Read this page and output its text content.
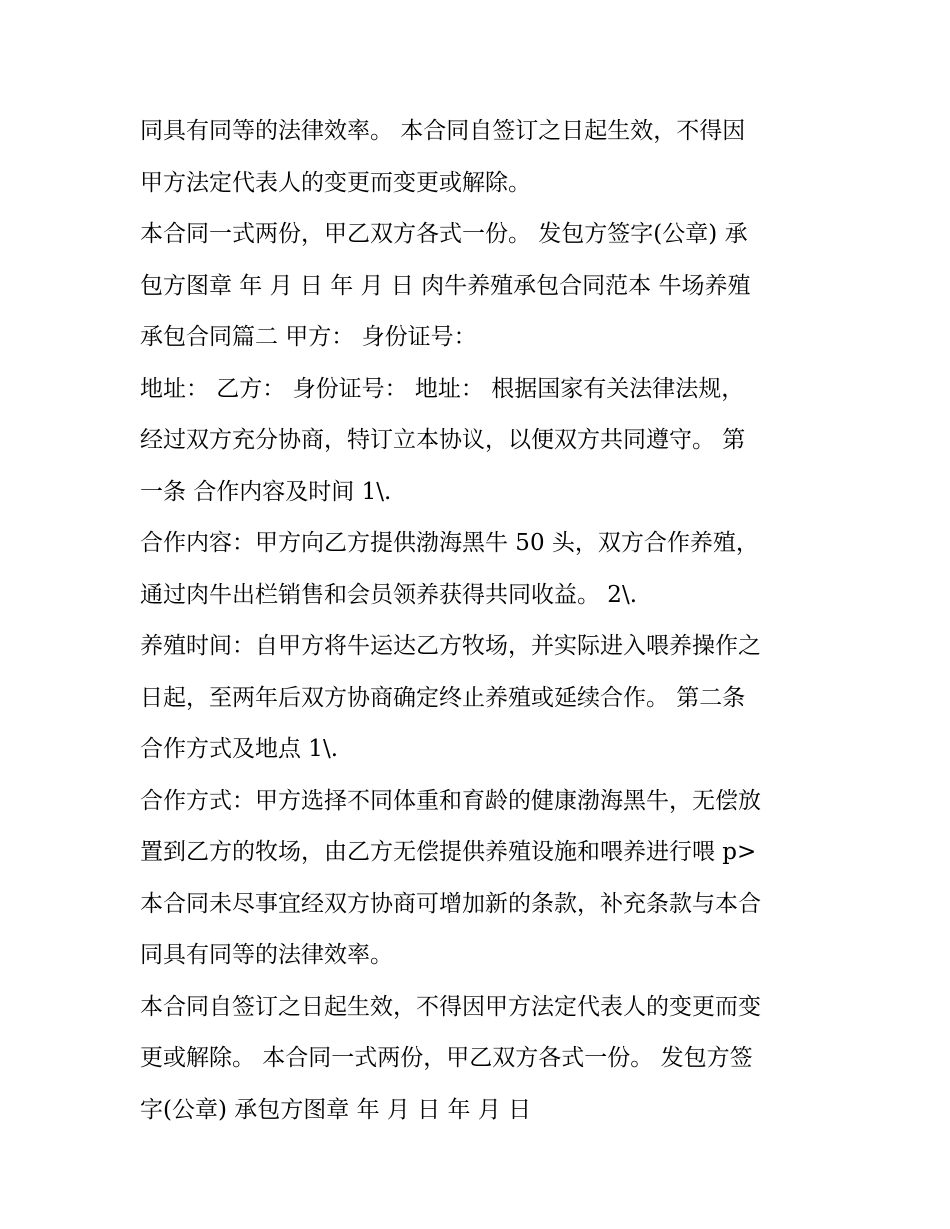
同具有同等的法律效率。 本合同自签订之日起生效，不得因
甲方法定代表人的变更而变更或解除。
本合同一式两份，甲乙双方各式一份。 发包方签字(公章) 承
包方图章 年 月 日 年 月 日 肉牛养殖承包合同范本 牛场养殖
承包合同篇二 甲方： 身份证号：
地址： 乙方： 身份证号： 地址： 根据国家有关法律法规，
经过双方充分协商，特订立本协议，以便双方共同遵守。 第
一条 合作内容及时间 1\.
合作内容：甲方向乙方提供渤海黑牛 50 头，双方合作养殖，
通过肉牛出栏销售和会员领养获得共同收益。 2\.
养殖时间：自甲方将牛运达乙方牧场，并实际进入喂养操作之
日起，至两年后双方协商确定终止养殖或延续合作。 第二条
合作方式及地点 1\.
合作方式：甲方选择不同体重和育龄的健康渤海黑牛，无偿放
置到乙方的牧场，由乙方无偿提供养殖设施和喂养进行喂 p>
本合同未尽事宜经双方协商可增加新的条款，补充条款与本合
同具有同等的法律效率。
本合同自签订之日起生效，不得因甲方法定代表人的变更而变
更或解除。 本合同一式两份，甲乙双方各式一份。 发包方签
字(公章) 承包方图章 年 月 日 年 月 日
